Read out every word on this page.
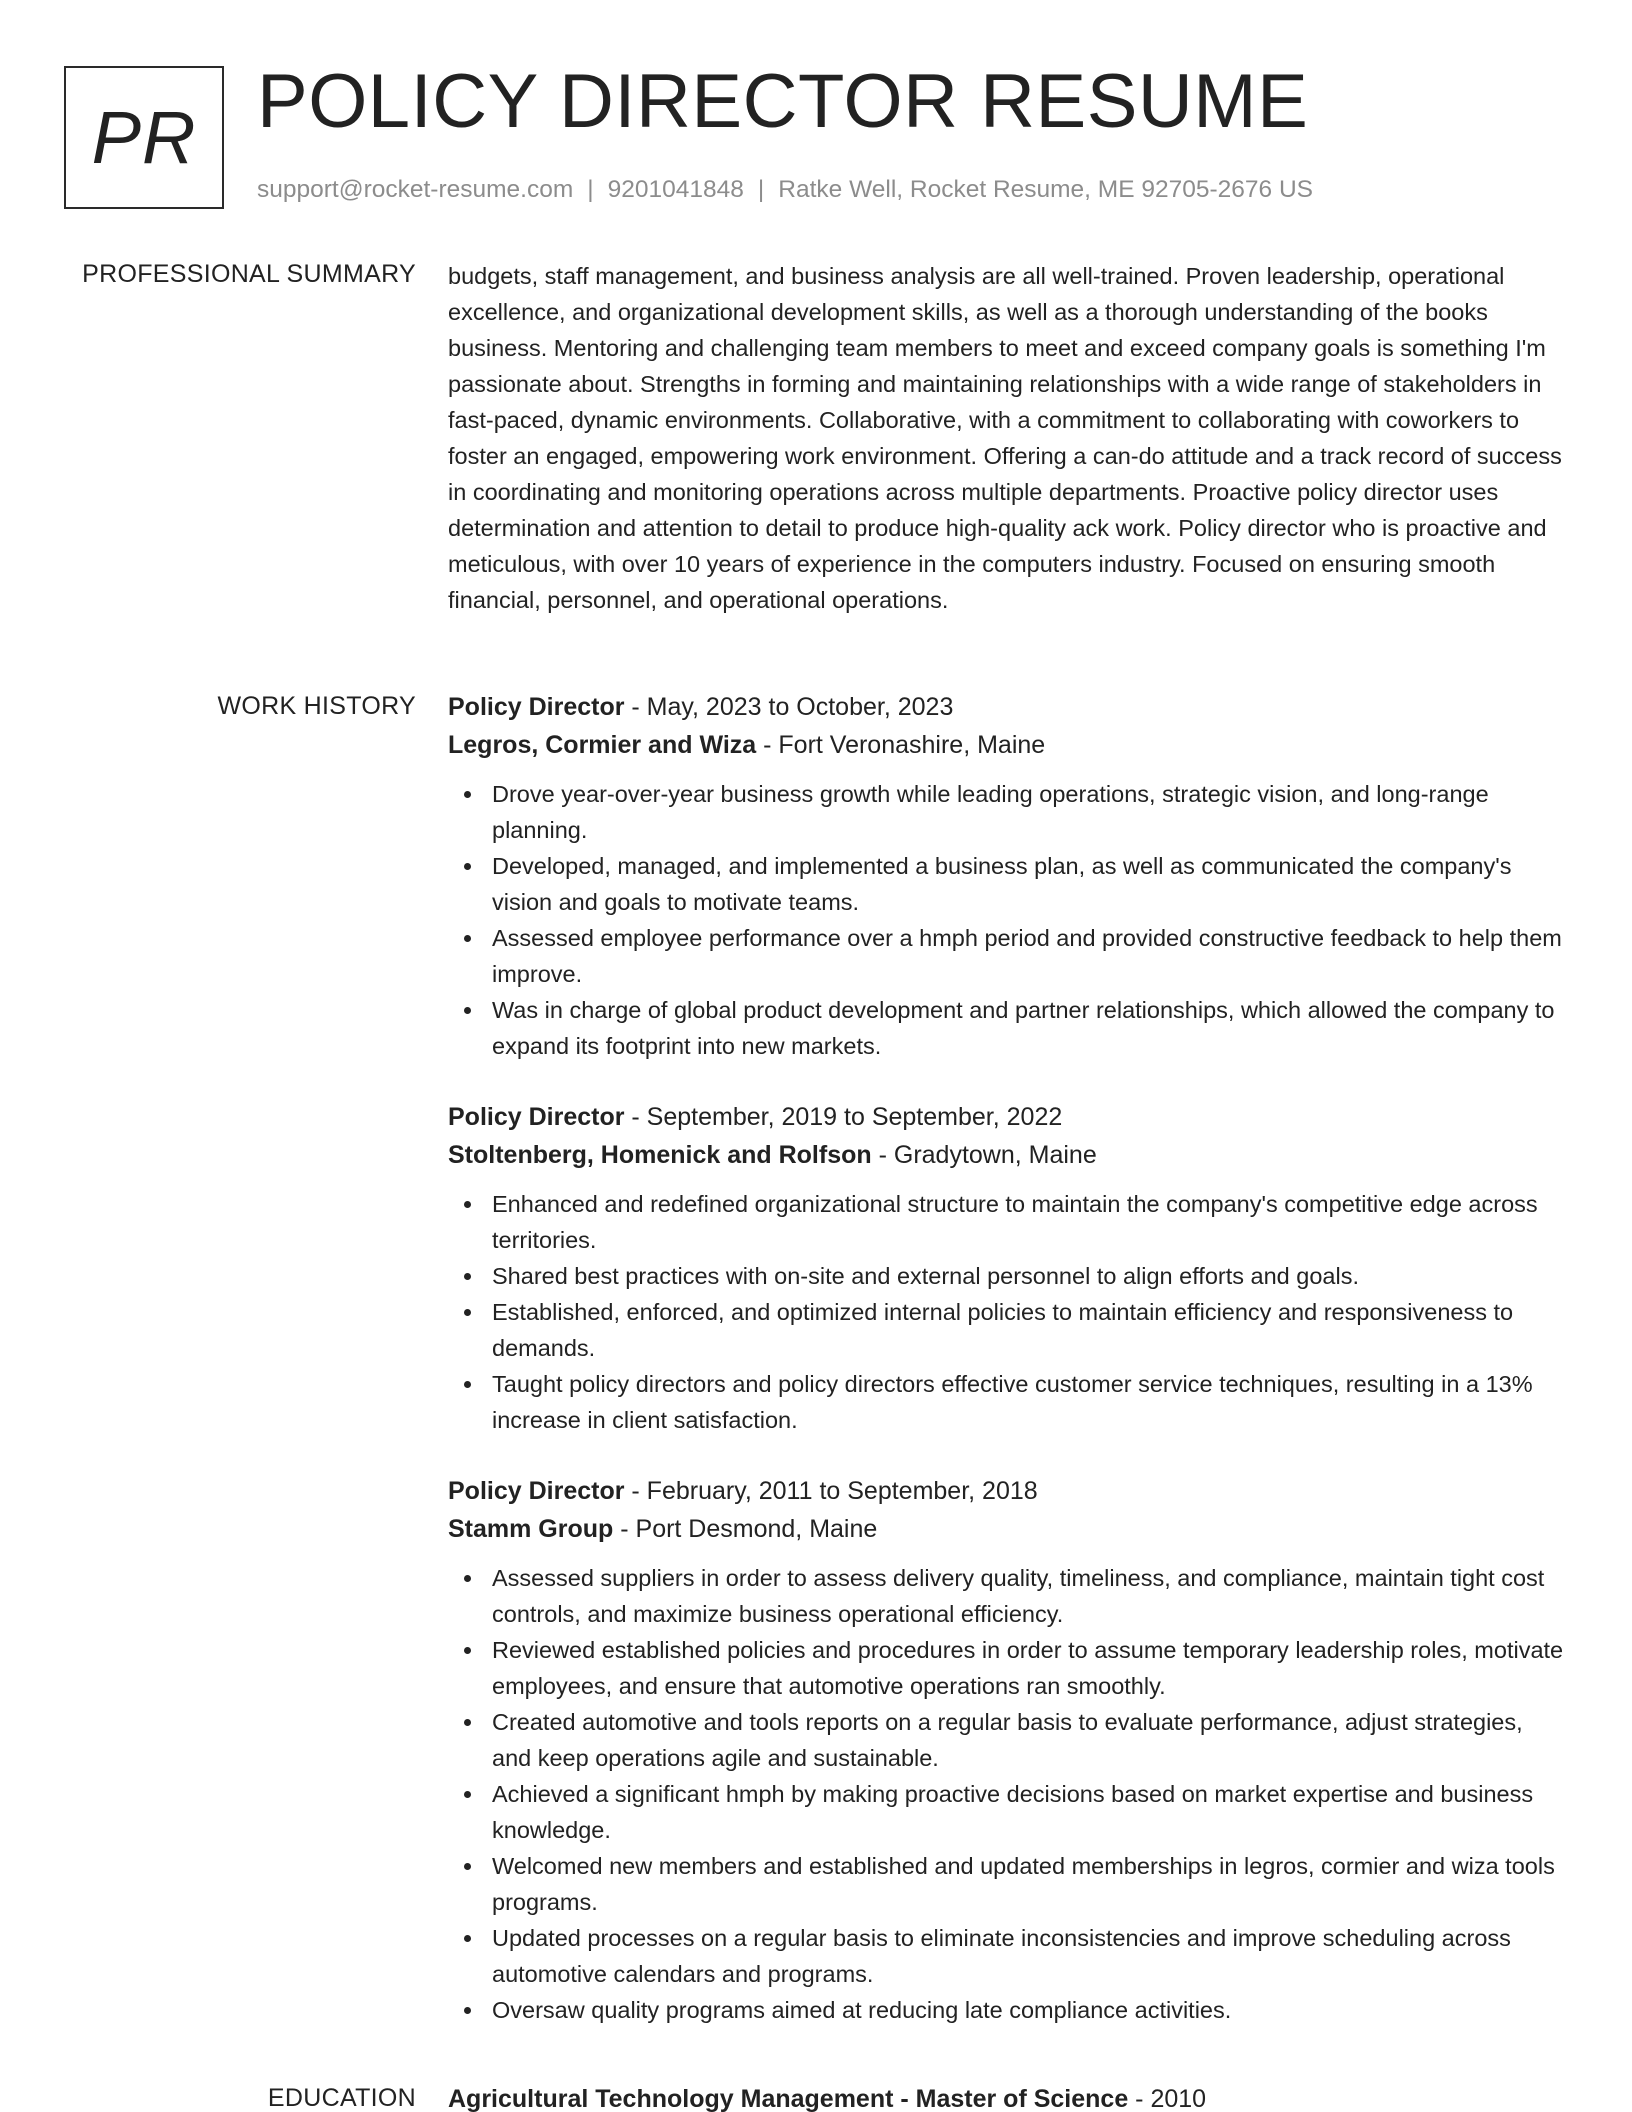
PR POLICY DIRECTOR RESUME
support@rocket-resume.com | 9201041848 | Ratke Well, Rocket Resume, ME 92705-2676 US
PROFESSIONAL SUMMARY budgets, staff management, and business analysis are all well-trained. Proven leadership, operational excellence, and organizational development skills, as well as a thorough understanding of the books business. Mentoring and challenging team members to meet and exceed company goals is something I'm passionate about. Strengths in forming and maintaining relationships with a wide range of stakeholders in fast-paced, dynamic environments. Collaborative, with a commitment to collaborating with coworkers to foster an engaged, empowering work environment. Offering a can-do attitude and a track record of success in coordinating and monitoring operations across multiple departments. Proactive policy director uses determination and attention to detail to produce high-quality ack work. Policy director who is proactive and meticulous, with over 10 years of experience in the computers industry. Focused on ensuring smooth financial, personnel, and operational operations.
WORK HISTORY Policy Director - May, 2023 to October, 2023
Legros, Cormier and Wiza - Fort Veronashire, Maine
Drove year-over-year business growth while leading operations, strategic vision, and long-range planning.
Developed, managed, and implemented a business plan, as well as communicated the company's vision and goals to motivate teams.
Assessed employee performance over a hmph period and provided constructive feedback to help them improve.
Was in charge of global product development and partner relationships, which allowed the company to expand its footprint into new markets.
Policy Director - September, 2019 to September, 2022
Stoltenberg, Homenick and Rolfson - Gradytown, Maine
Enhanced and redefined organizational structure to maintain the company's competitive edge across territories.
Shared best practices with on-site and external personnel to align efforts and goals.
Established, enforced, and optimized internal policies to maintain efficiency and responsiveness to demands.
Taught policy directors and policy directors effective customer service techniques, resulting in a 13% increase in client satisfaction.
Policy Director - February, 2011 to September, 2018
Stamm Group - Port Desmond, Maine
Assessed suppliers in order to assess delivery quality, timeliness, and compliance, maintain tight cost controls, and maximize business operational efficiency.
Reviewed established policies and procedures in order to assume temporary leadership roles, motivate employees, and ensure that automotive operations ran smoothly.
Created automotive and tools reports on a regular basis to evaluate performance, adjust strategies, and keep operations agile and sustainable.
Achieved a significant hmph by making proactive decisions based on market expertise and business knowledge.
Welcomed new members and established and updated memberships in legros, cormier and wiza tools programs.
Updated processes on a regular basis to eliminate inconsistencies and improve scheduling across automotive calendars and programs.
Oversaw quality programs aimed at reducing late compliance activities.
EDUCATION Agricultural Technology Management - Master of Science - 2010
